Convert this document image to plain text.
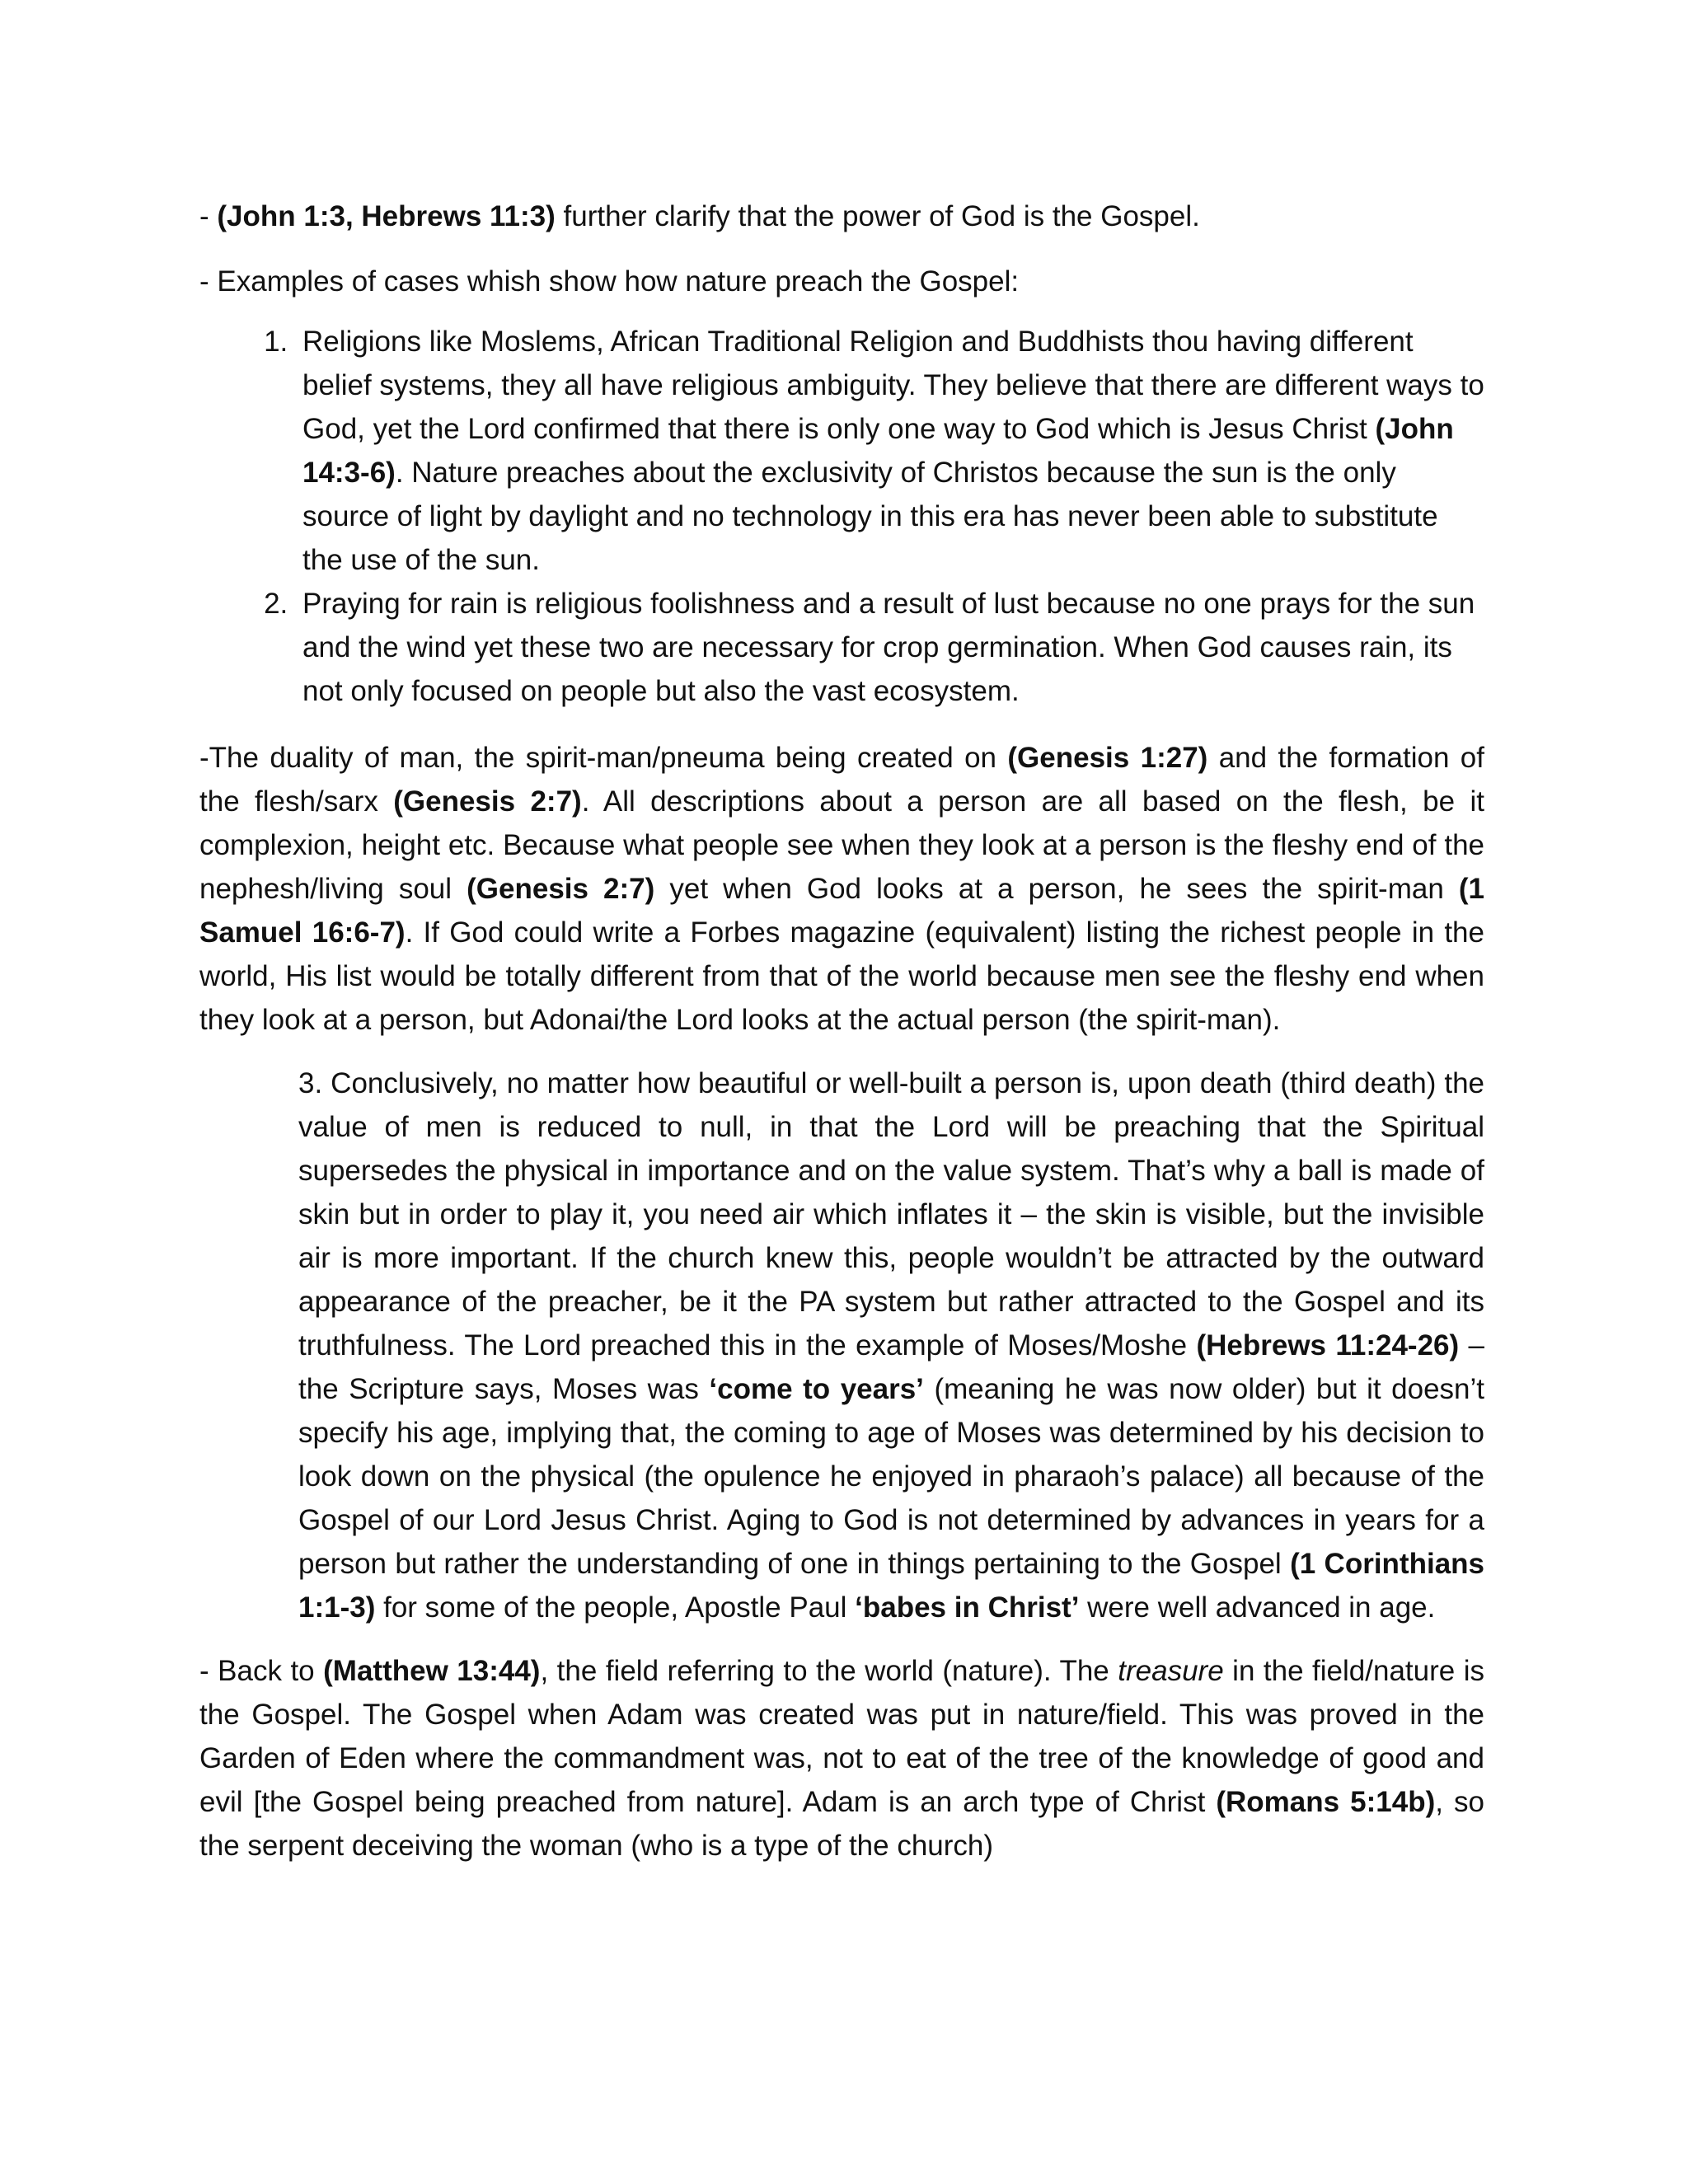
- (John 1:3, Hebrews 11:3) further clarify that the power of God is the Gospel.

- Examples of cases whish show how nature preach the Gospel:

1. Religions like Moslems, African Traditional Religion and Buddhists thou having different belief systems, they all have religious ambiguity. They believe that there are different ways to God, yet the Lord confirmed that there is only one way to God which is Jesus Christ (John 14:3-6). Nature preaches about the exclusivity of Christos because the sun is the only source of light by daylight and no technology in this era has never been able to substitute the use of the sun.
2. Praying for rain is religious foolishness and a result of lust because no one prays for the sun and the wind yet these two are necessary for crop germination. When God causes rain, its not only focused on people but also the vast ecosystem.

-The duality of man, the spirit-man/pneuma being created on (Genesis 1:27) and the formation of the flesh/sarx (Genesis 2:7). All descriptions about a person are all based on the flesh, be it complexion, height etc. Because what people see when they look at a person is the fleshy end of the nephesh/living soul (Genesis 2:7) yet when God looks at a person, he sees the spirit-man (1 Samuel 16:6-7). If God could write a Forbes magazine (equivalent) listing the richest people in the world, His list would be totally different from that of the world because men see the fleshy end when they look at a person, but Adonai/the Lord looks at the actual person (the spirit-man).

3. Conclusively, no matter how beautiful or well-built a person is, upon death (third death) the value of men is reduced to null, in that the Lord will be preaching that the Spiritual supersedes the physical in importance and on the value system. That’s why a ball is made of skin but in order to play it, you need air which inflates it – the skin is visible, but the invisible air is more important. If the church knew this, people wouldn’t be attracted by the outward appearance of the preacher, be it the PA system but rather attracted to the Gospel and its truthfulness. The Lord preached this in the example of Moses/Moshe (Hebrews 11:24-26) – the Scripture says, Moses was ‘come to years’ (meaning he was now older) but it doesn’t specify his age, implying that, the coming to age of Moses was determined by his decision to look down on the physical (the opulence he enjoyed in pharaoh’s palace) all because of the Gospel of our Lord Jesus Christ. Aging to God is not determined by advances in years for a person but rather the understanding of one in things pertaining to the Gospel (1 Corinthians 1:1-3) for some of the people, Apostle Paul ‘babes in Christ’ were well advanced in age.

- Back to (Matthew 13:44), the field referring to the world (nature). The treasure in the field/nature is the Gospel. The Gospel when Adam was created was put in nature/field. This was proved in the Garden of Eden where the commandment was, not to eat of the tree of the knowledge of good and evil [the Gospel being preached from nature]. Adam is an arch type of Christ (Romans 5:14b), so the serpent deceiving the woman (who is a type of the church)
